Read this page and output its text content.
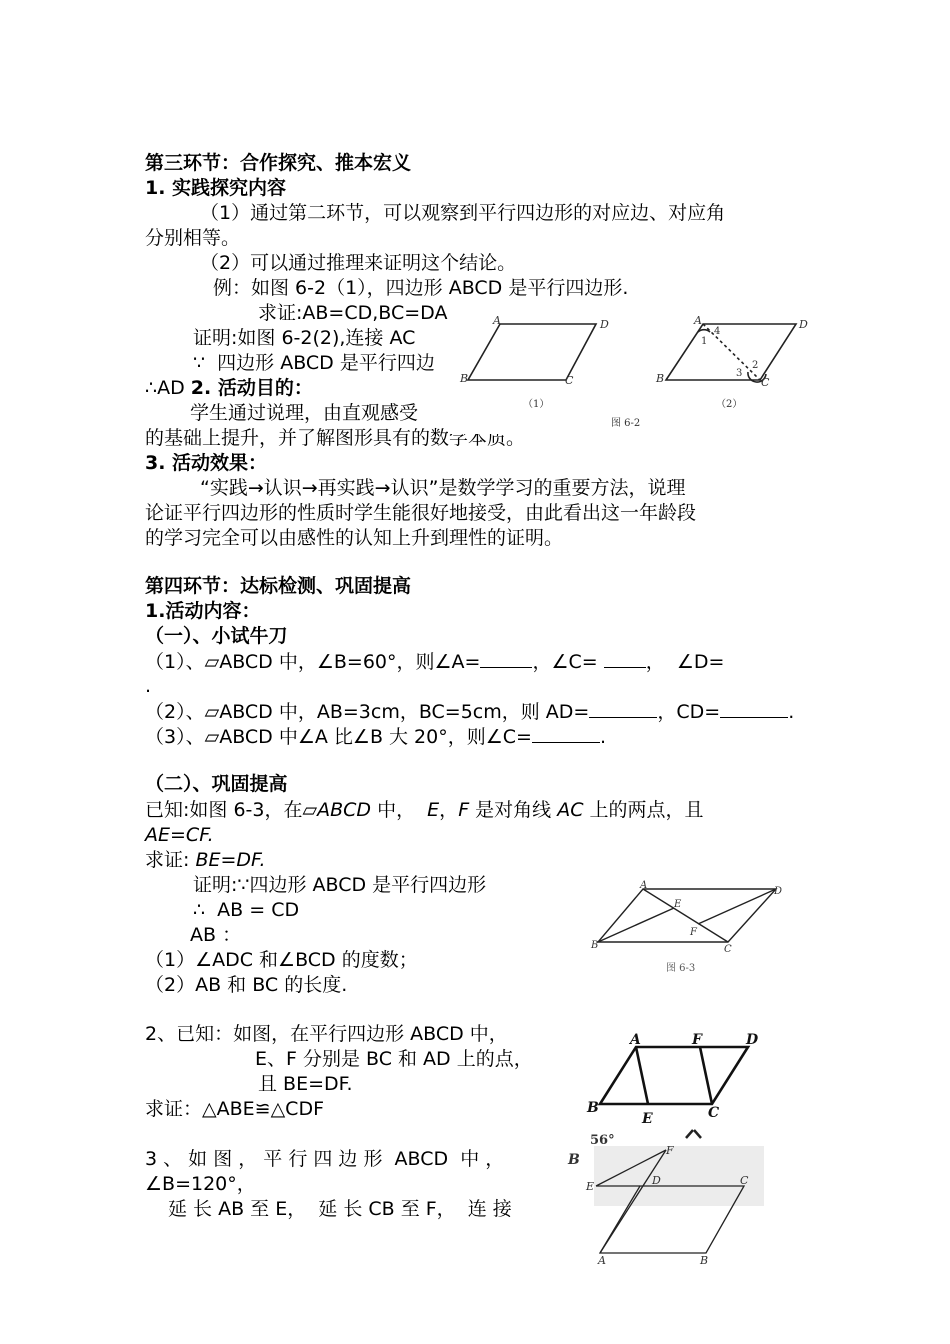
第三环节：合作探究、推本宏义
1. 实践探究内容
（1）通过第二环节，可以观察到平行四边形的对应边、对应角
分别相等。
（2）可以通过推理来证明这个结论。
例：如图 6-2（1），四边形 ABCD 是平行四边形.
求证:AB=CD,BC=DA.
证明:如图 6-2(2),连接 AC
∵  四边形 ABCD 是平行四边
∴AD 2. 活动目的：
学生通过说理，由直观感受
的基础上提升，并了解图形具有的数学本质。
3. 活动效果：
“实践→认识→再实践→认识”是数学学习的重要方法，说理
论证平行四边形的性质时学生能很好地接受，由此看出这一年龄段
的学习完全可以由感性的认知上升到理性的证明。
A	D
B	C
A	D
B	C
1
2
3
4
（1）	（2）
图 6-2
第四环节：达标检测、巩固提高
1.活动内容：
（一）、小试牛刀
（1）、▱ABCD 中，∠B=60°，则∠A=	，∠C=	，  ∠D=
.
（2）、▱ABCD 中，AB=3cm，BC=5cm，则 AD=	，CD=	.
（3）、▱ABCD 中∠A 比∠B 大 20°，则∠C=	.
（二）、巩固提高
已知:如图 6-3，在▱ABCD 中，  E，F 是对角线 AC 上的两点，且
AE=CF.
求证: BE=DF.
证明:∵四边形 ABCD 是平行四边形
∴  AB = CD
AB ：
（1）∠ADC 和∠BCD 的度数；
（2）AB 和 BC 的长度.
A
D
B	C
E
F
图 6-3
2、已知：如图，在平行四边形 ABCD 中，
E、F 分别是 BC 和 AD 上的点，
且 BE=DF.
求证：△ABE≌△CDF
A	F	D
B
E	C
3 、 如 图 ， 平 行 四 边 形  ABCD  中 ，
∠B=120°，
延 长 AB 至 E，  延 长 CB 至 F，  连 接
56°
B
F
E	D	C
A	B
